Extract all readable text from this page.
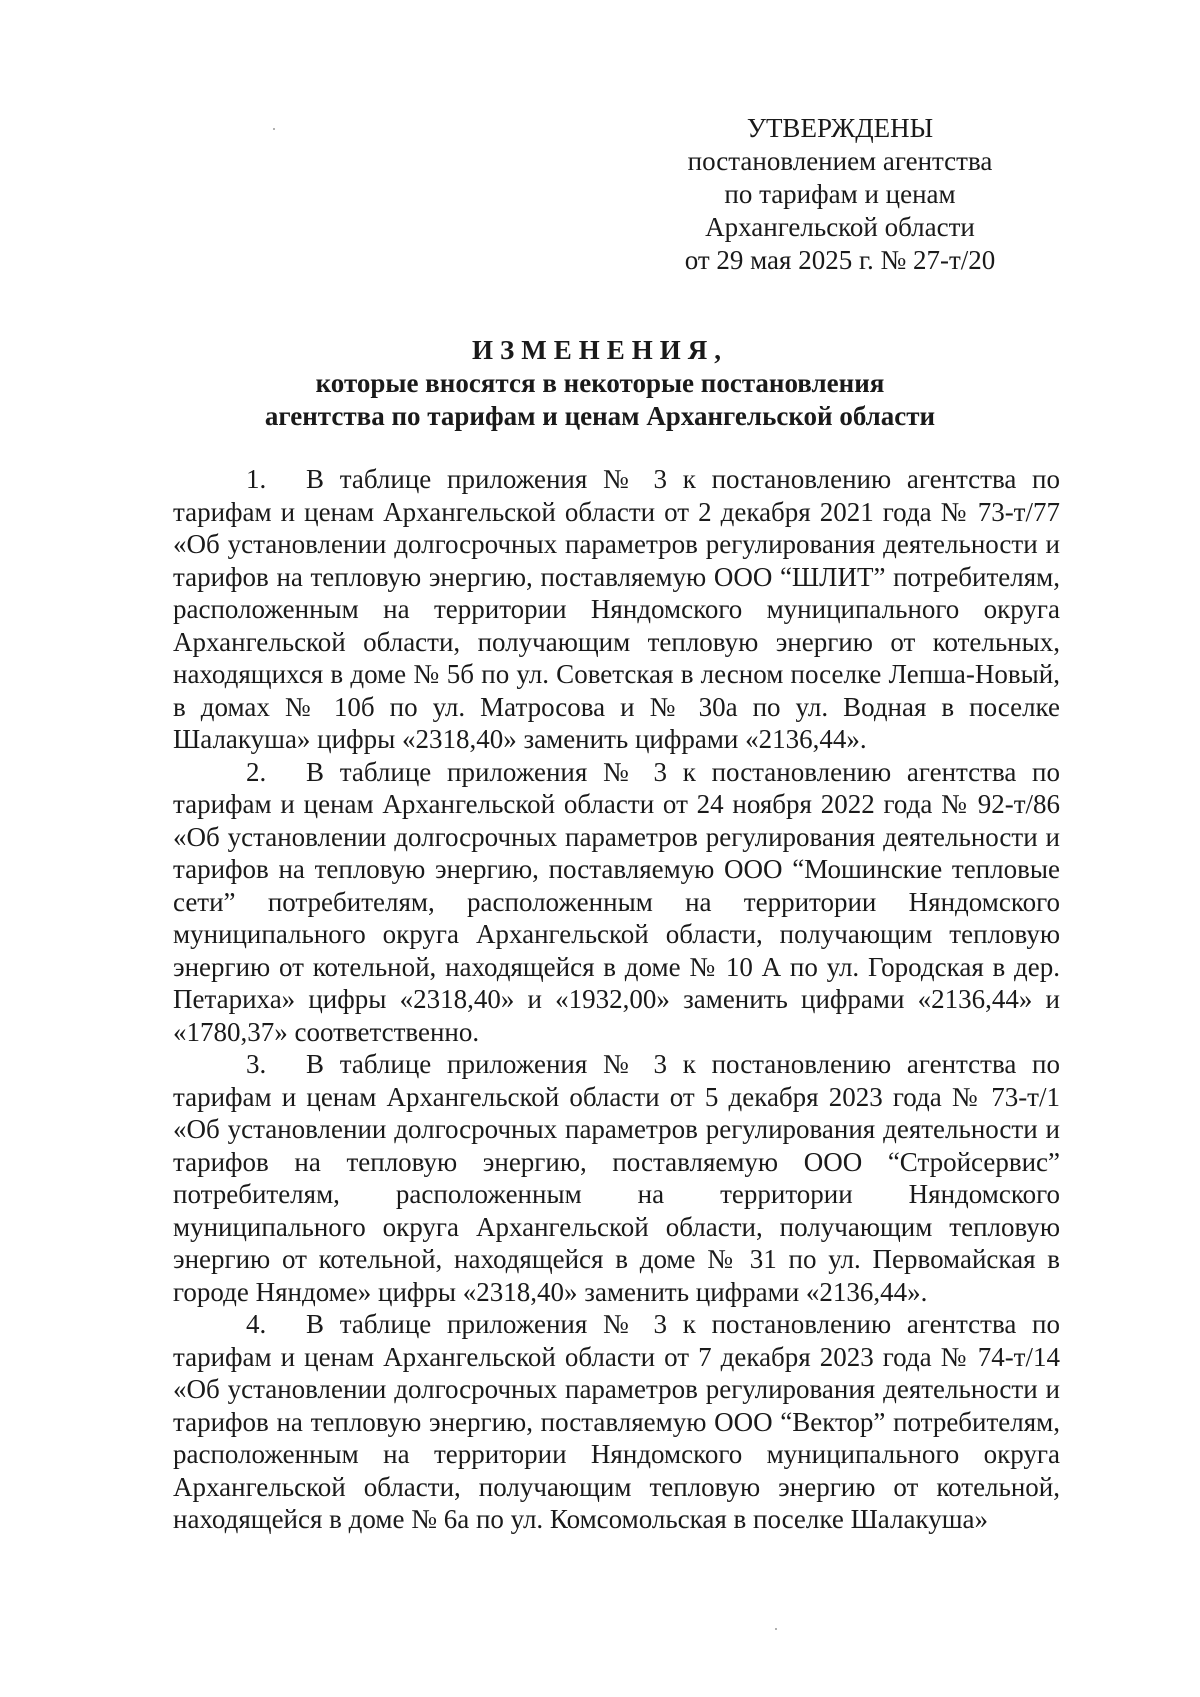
УТВЕРЖДЕНЫ
постановлением агентства
по тарифам и ценам
Архангельской области
от 29 мая 2025 г. № 27-т/20
ИЗМЕНЕНИЯ,
которые вносятся в некоторые постановления
агентства по тарифам и ценам Архангельской области

1. В таблице приложения № 3 к постановлению агентства по тарифам и ценам Архангельской области от 2 декабря 2021 года № 73-т/77 «Об установлении долгосрочных параметров регулирования деятельности и тарифов на тепловую энергию, поставляемую ООО “ШЛИТ” потребителям, расположенным на территории Няндомского муниципального округа Архангельской области, получающим тепловую энергию от котельных, находящихся в доме № 5б по ул. Советская в лесном поселке Лепша-Новый, в домах № 10б по ул. Матросова и № 30а по ул. Водная в поселке Шалакуша» цифры «2318,40» заменить цифрами «2136,44».

2. В таблице приложения № 3 к постановлению агентства по тарифам и ценам Архангельской области от 24 ноября 2022 года № 92-т/86 «Об установлении долгосрочных параметров регулирования деятельности и тарифов на тепловую энергию, поставляемую ООО “Мошинские тепловые сети” потребителям, расположенным на территории Няндомского муниципального округа Архангельской области, получающим тепловую энергию от котельной, находящейся в доме № 10 А по ул. Городская в дер. Петариха» цифры «2318,40» и «1932,00» заменить цифрами «2136,44» и «1780,37» соответственно.

3. В таблице приложения № 3 к постановлению агентства по тарифам и ценам Архангельской области от 5 декабря 2023 года № 73-т/1 «Об установлении долгосрочных параметров регулирования деятельности и тарифов на тепловую энергию, поставляемую ООО “Стройсервис” потребителям, расположенным на территории Няндомского муниципального округа Архангельской области, получающим тепловую энергию от котельной, находящейся в доме № 31 по ул. Первомайская в городе Няндоме» цифры «2318,40» заменить цифрами «2136,44».

4. В таблице приложения № 3 к постановлению агентства по тарифам и ценам Архангельской области от 7 декабря 2023 года № 74-т/14 «Об установлении долгосрочных параметров регулирования деятельности и тарифов на тепловую энергию, поставляемую ООО “Вектор” потребителям, расположенным на территории Няндомского муниципального округа Архангельской области, получающим тепловую энергию от котельной, находящейся в доме № 6а по ул. Комсомольская в поселке Шалакуша»
